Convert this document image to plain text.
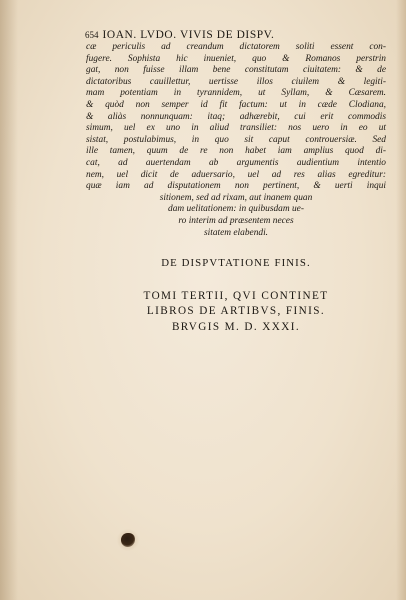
654 IOAN. LVDO. VIVIS DE DISPV.
cæ periculis ad creandum dictatorem soliti essent con-
fugere. Sophista hic inueniet, quo & Romanos perstrin
gat, non fuisse illam bene constitutam ciuitatem: & de
dictatoribus cauillettur, uertisse illos ciuilem & legiti-
mam potentiam in tyrannidem, ut Syllam, & Cæsarem.
& quòd non semper id fit factum: ut in cæde Clodiana,
& aliàs nonnunquam: itaq; adhærebit, cui erit commodis
simum, uel ex uno in aliud transiliet: nos uero in eo ut
sistat, postulabimus, in quo sit caput controuersiæ. Sed
ille tamen, quum de re non habet iam amplius quod di-
cat, ad auertendam ab argumentis audientium intentio
nem, uel dicit de aduersario, uel ad res alias egreditur:
quæ iam ad disputationem non pertinent, & uerti inqui
sitionem, sed ad rixam, aut inanem quan
dam uelitationem: in quibusdam ue-
ro interim ad præsentem neces
sitatem elabendi.
DE DISPVTATIONE FINIS.
TOMI TERTII, QVI CONTINET
LIBROS DE ARTIBVS, FINIS.
BRVGIS M. D. XXXI.
